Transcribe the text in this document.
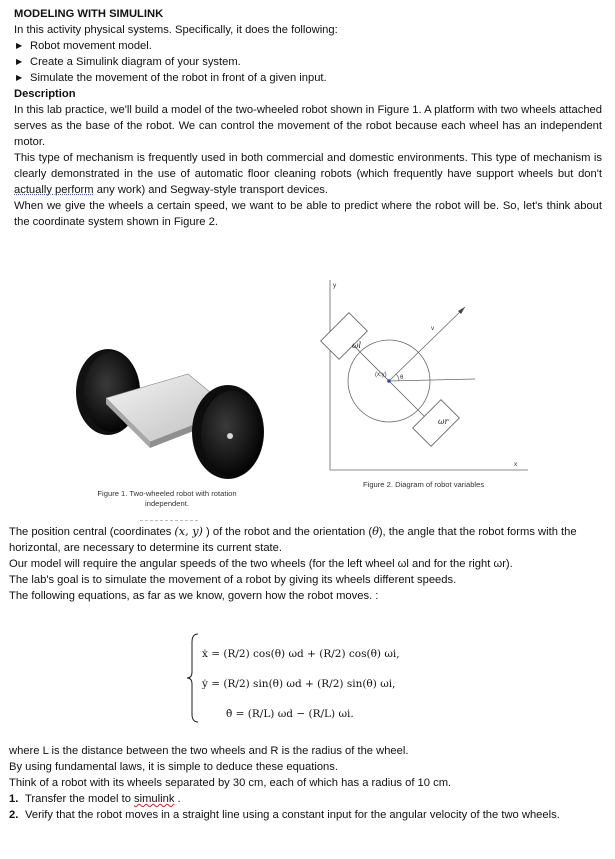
MODELING WITH SIMULINK

In this activity physical systems. Specifically, it does the following:

▶ Robot movement model.
▶ Create a Simulink diagram of your system.
▶ Simulate the movement of the robot in front of a given input.

Description

In this lab practice, we'll build a model of the two-wheeled robot shown in Figure 1. A platform with two wheels attached serves as the base of the robot. We can control the movement of the robot because each wheel has an independent motor.

This type of mechanism is frequently used in both commercial and domestic environments. This type of mechanism is clearly demonstrated in the use of automatic floor cleaning robots (which frequently have support wheels but don't actually perform any work) and Segway-style transport devices.

When we give the wheels a certain speed, we want to be able to predict where the robot will be. So, let's think about the coordinate system shown in Figure 2.

Figure 1. Two-wheeled robot with rotation
independent.
y
x
v
(x,y) θ
ωl
ωr
Figure 2. Diagram of robot variables

The position central (coordinates (x, y) ) of the robot and the orientation (θ), the angle that the robot forms with the horizontal, are necessary to determine its current state.

Our model will require the angular speeds of the two wheels (for the left wheel ωl and for the right ωr).

The lab's goal is to simulate the movement of a robot by giving its wheels different speeds.

The following equations, as far as we know, govern how the robot moves. :

ẋ = (R/2) cos(θ) ωd + (R/2) cos(θ) ωi,
ẏ = (R/2) sin(θ) ωd + (R/2) sin(θ) ωi,
θ̇ = (R/L) ωd − (R/L) ωi.

where L is the distance between the two wheels and R is the radius of the wheel.

By using fundamental laws, it is simple to deduce these equations.

Think of a robot with its wheels separated by 30 cm, each of which has a radius of 10 cm.

1. Transfer the model to simulink .
2. Verify that the robot moves in a straight line using a constant input for the angular velocity of the two wheels.
